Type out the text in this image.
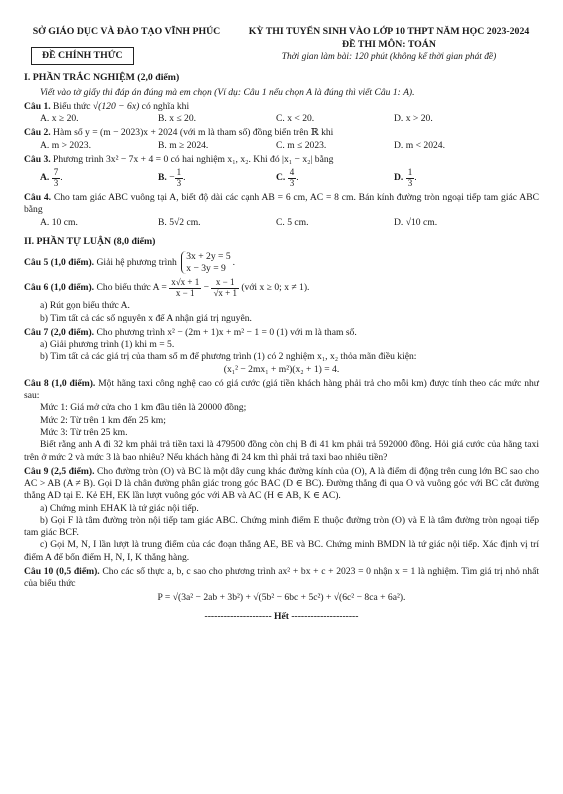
SỞ GIÁO DỤC VÀ ĐÀO TẠO VĨNH PHÚC
ĐỀ CHÍNH THỨC
KỲ THI TUYỂN SINH VÀO LỚP 10 THPT NĂM HỌC 2023-2024
ĐỀ THI MÔN: TOÁN
Thời gian làm bài: 120 phút (không kể thời gian phát đề)
I. PHẦN TRẮC NGHIỆM (2,0 điểm)

Viết vào tờ giấy thi đáp án đúng mà em chọn (Ví dụ: Câu 1 nếu chọn A là đúng thì viết Câu 1: A).

Câu 1. Biểu thức √(120 − 6x) có nghĩa khi

A. x ≥ 20.	B. x ≤ 20.	C. x < 20.	D. x > 20.

Câu 2. Hàm số y = (m − 2023)x + 2024 (với m là tham số) đồng biến trên ℝ khi

A. m > 2023.	B. m ≥ 2024.	C. m ≤ 2023.	D. m < 2024.

Câu 3. Phương trình 3x² − 7x + 4 = 0 có hai nghiệm x₁, x₂. Khi đó |x₁ − x₂| bằng

A. $\frac{7}{3}$ .	B. − $\frac{1}{3}$ .	C. $\frac{4}{3}$ .	D. $\frac{1}{3}$ .

Câu 4. Cho tam giác ABC vuông tại A, biết độ dài các cạnh AB = 6 cm, AC = 8 cm. Bán kính đường tròn ngoại tiếp tam giác ABC bằng

A. 10 cm.	B. 5√2 cm.	C. 5 cm.	D. √10 cm.
II. PHẦN TỰ LUẬN (8,0 điểm)

Câu 5 (1,0 điểm). Giải hệ phương trình 3x + 2y = 5
x − 3y = 9.

Câu 6 (1,0 điểm). Cho biểu thức $A = \frac{x√x + 1}{x - 1} - \frac{x - 1}{√x + 1}$ (với x ≥ 0; x ≠ 1).

a) Rút gọn biểu thức A.

b) Tìm tất cả các số nguyên x để A nhận giá trị nguyên.

Câu 7 (2,0 điểm). Cho phương trình x² − (2m + 1)x + m² − 1 = 0 (1) với m là tham số.

a) Giải phương trình (1) khi m = 5.

b) Tìm tất cả các giá trị của tham số m để phương trình (1) có 2 nghiệm x₁, x₂ thỏa mãn điều kiện:

(x₁² − 2mx₁ + m²)(x₂ + 1) = 4.

Câu 8 (1,0 điểm). Một hãng taxi công nghệ cao có giá cước (giá tiền khách hàng phải trả cho mỗi km) được tính theo các mức như sau:

Mức 1: Giá mở cửa cho 1 km đầu tiên là 20000 đồng;

Mức 2: Từ trên 1 km đến 25 km;

Mức 3: Từ trên 25 km.

Biết rằng anh A đi 32 km phải trả tiền taxi là 479500 đồng còn chị B đi 41 km phải trả 592000 đồng. Hỏi giá cước của hãng taxi trên ở mức 2 và mức 3 là bao nhiêu? Nếu khách hàng đi 24 km thì phải trả taxi bao nhiêu tiền?

Câu 9 (2,5 điểm). Cho đường tròn (O) và BC là một dây cung khác đường kính của (O), A là điểm di động trên cung lớn BC sao cho AC > AB (A ≠ B). Gọi D là chân đường phân giác trong góc BAC (D ∈ BC). Đường thẳng đi qua O và vuông góc với BC cắt đường thẳng AD tại E. Kẻ EH, EK lần lượt vuông góc với AB và AC (H ∈ AB, K ∈ AC).

a) Chứng minh EHAK là tứ giác nội tiếp.

b) Gọi F là tâm đường tròn nội tiếp tam giác ABC. Chứng minh điểm E thuộc đường tròn (O) và E là tâm đường tròn ngoại tiếp tam giác BCF.

c) Gọi M, N, I lần lượt là trung điểm của các đoạn thẳng AE, BE và BC. Chứng minh BMDN là tứ giác nội tiếp. Xác định vị trí điểm A để bốn điểm H, N, I, K thẳng hàng.

Câu 10 (0,5 điểm). Cho các số thực a, b, c sao cho phương trình ax² + bx + c + 2023 = 0 nhận x = 1 là nghiệm. Tìm giá trị nhỏ nhất của biểu thức

P = √(3a² − 2ab + 3b²) + √(5b² − 6bc + 5c²) + √(6c² − 8ca + 6a²).

--------------------- Hết ---------------------
